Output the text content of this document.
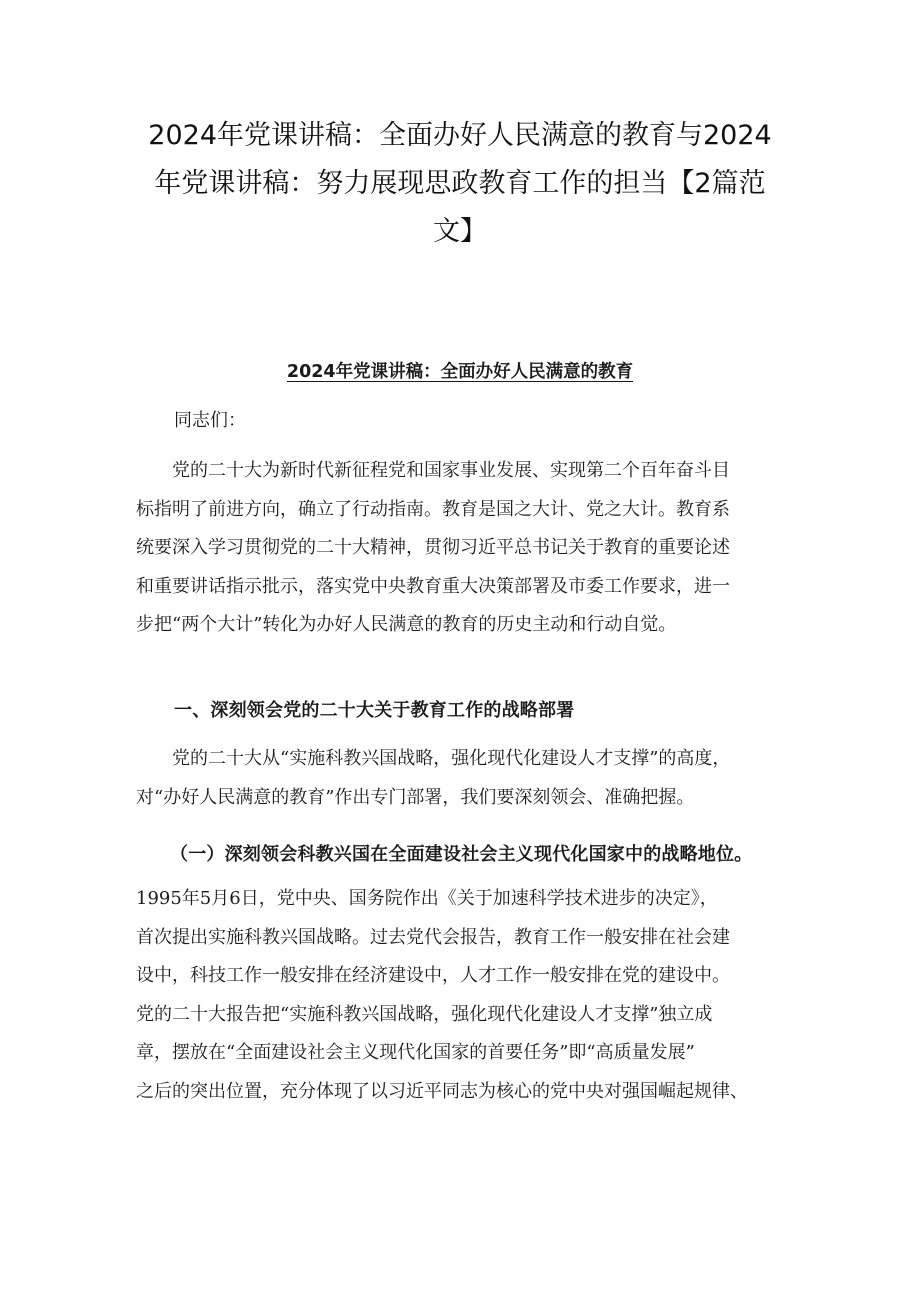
2024年党课讲稿：全面办好人民满意的教育与2024
年党课讲稿：努力展现思政教育工作的担当【2篇范
文】
2024年党课讲稿：全面办好人民满意的教育
同志们：
党的二十大为新时代新征程党和国家事业发展、实现第二个百年奋斗目
标指明了前进方向，确立了行动指南。教育是国之大计、党之大计。教育系
统要深入学习贯彻党的二十大精神，贯彻习近平总书记关于教育的重要论述
和重要讲话指示批示，落实党中央教育重大决策部署及市委工作要求，进一
步把“两个大计”转化为办好人民满意的教育的历史主动和行动自觉。
一、深刻领会党的二十大关于教育工作的战略部署
党的二十大从“实施科教兴国战略，强化现代化建设人才支撑”的高度，
对“办好人民满意的教育”作出专门部署，我们要深刻领会、准确把握。
（一）深刻领会科教兴国在全面建设社会主义现代化国家中的战略地位。
1995年5月6日，党中央、国务院作出《关于加速科学技术进步的决定》，
首次提出实施科教兴国战略。过去党代会报告，教育工作一般安排在社会建
设中，科技工作一般安排在经济建设中，人才工作一般安排在党的建设中。
党的二十大报告把“实施科教兴国战略，强化现代化建设人才支撑”独立成
章，摆放在“全面建设社会主义现代化国家的首要任务”即“高质量发展”
之后的突出位置，充分体现了以习近平同志为核心的党中央对强国崛起规律、
